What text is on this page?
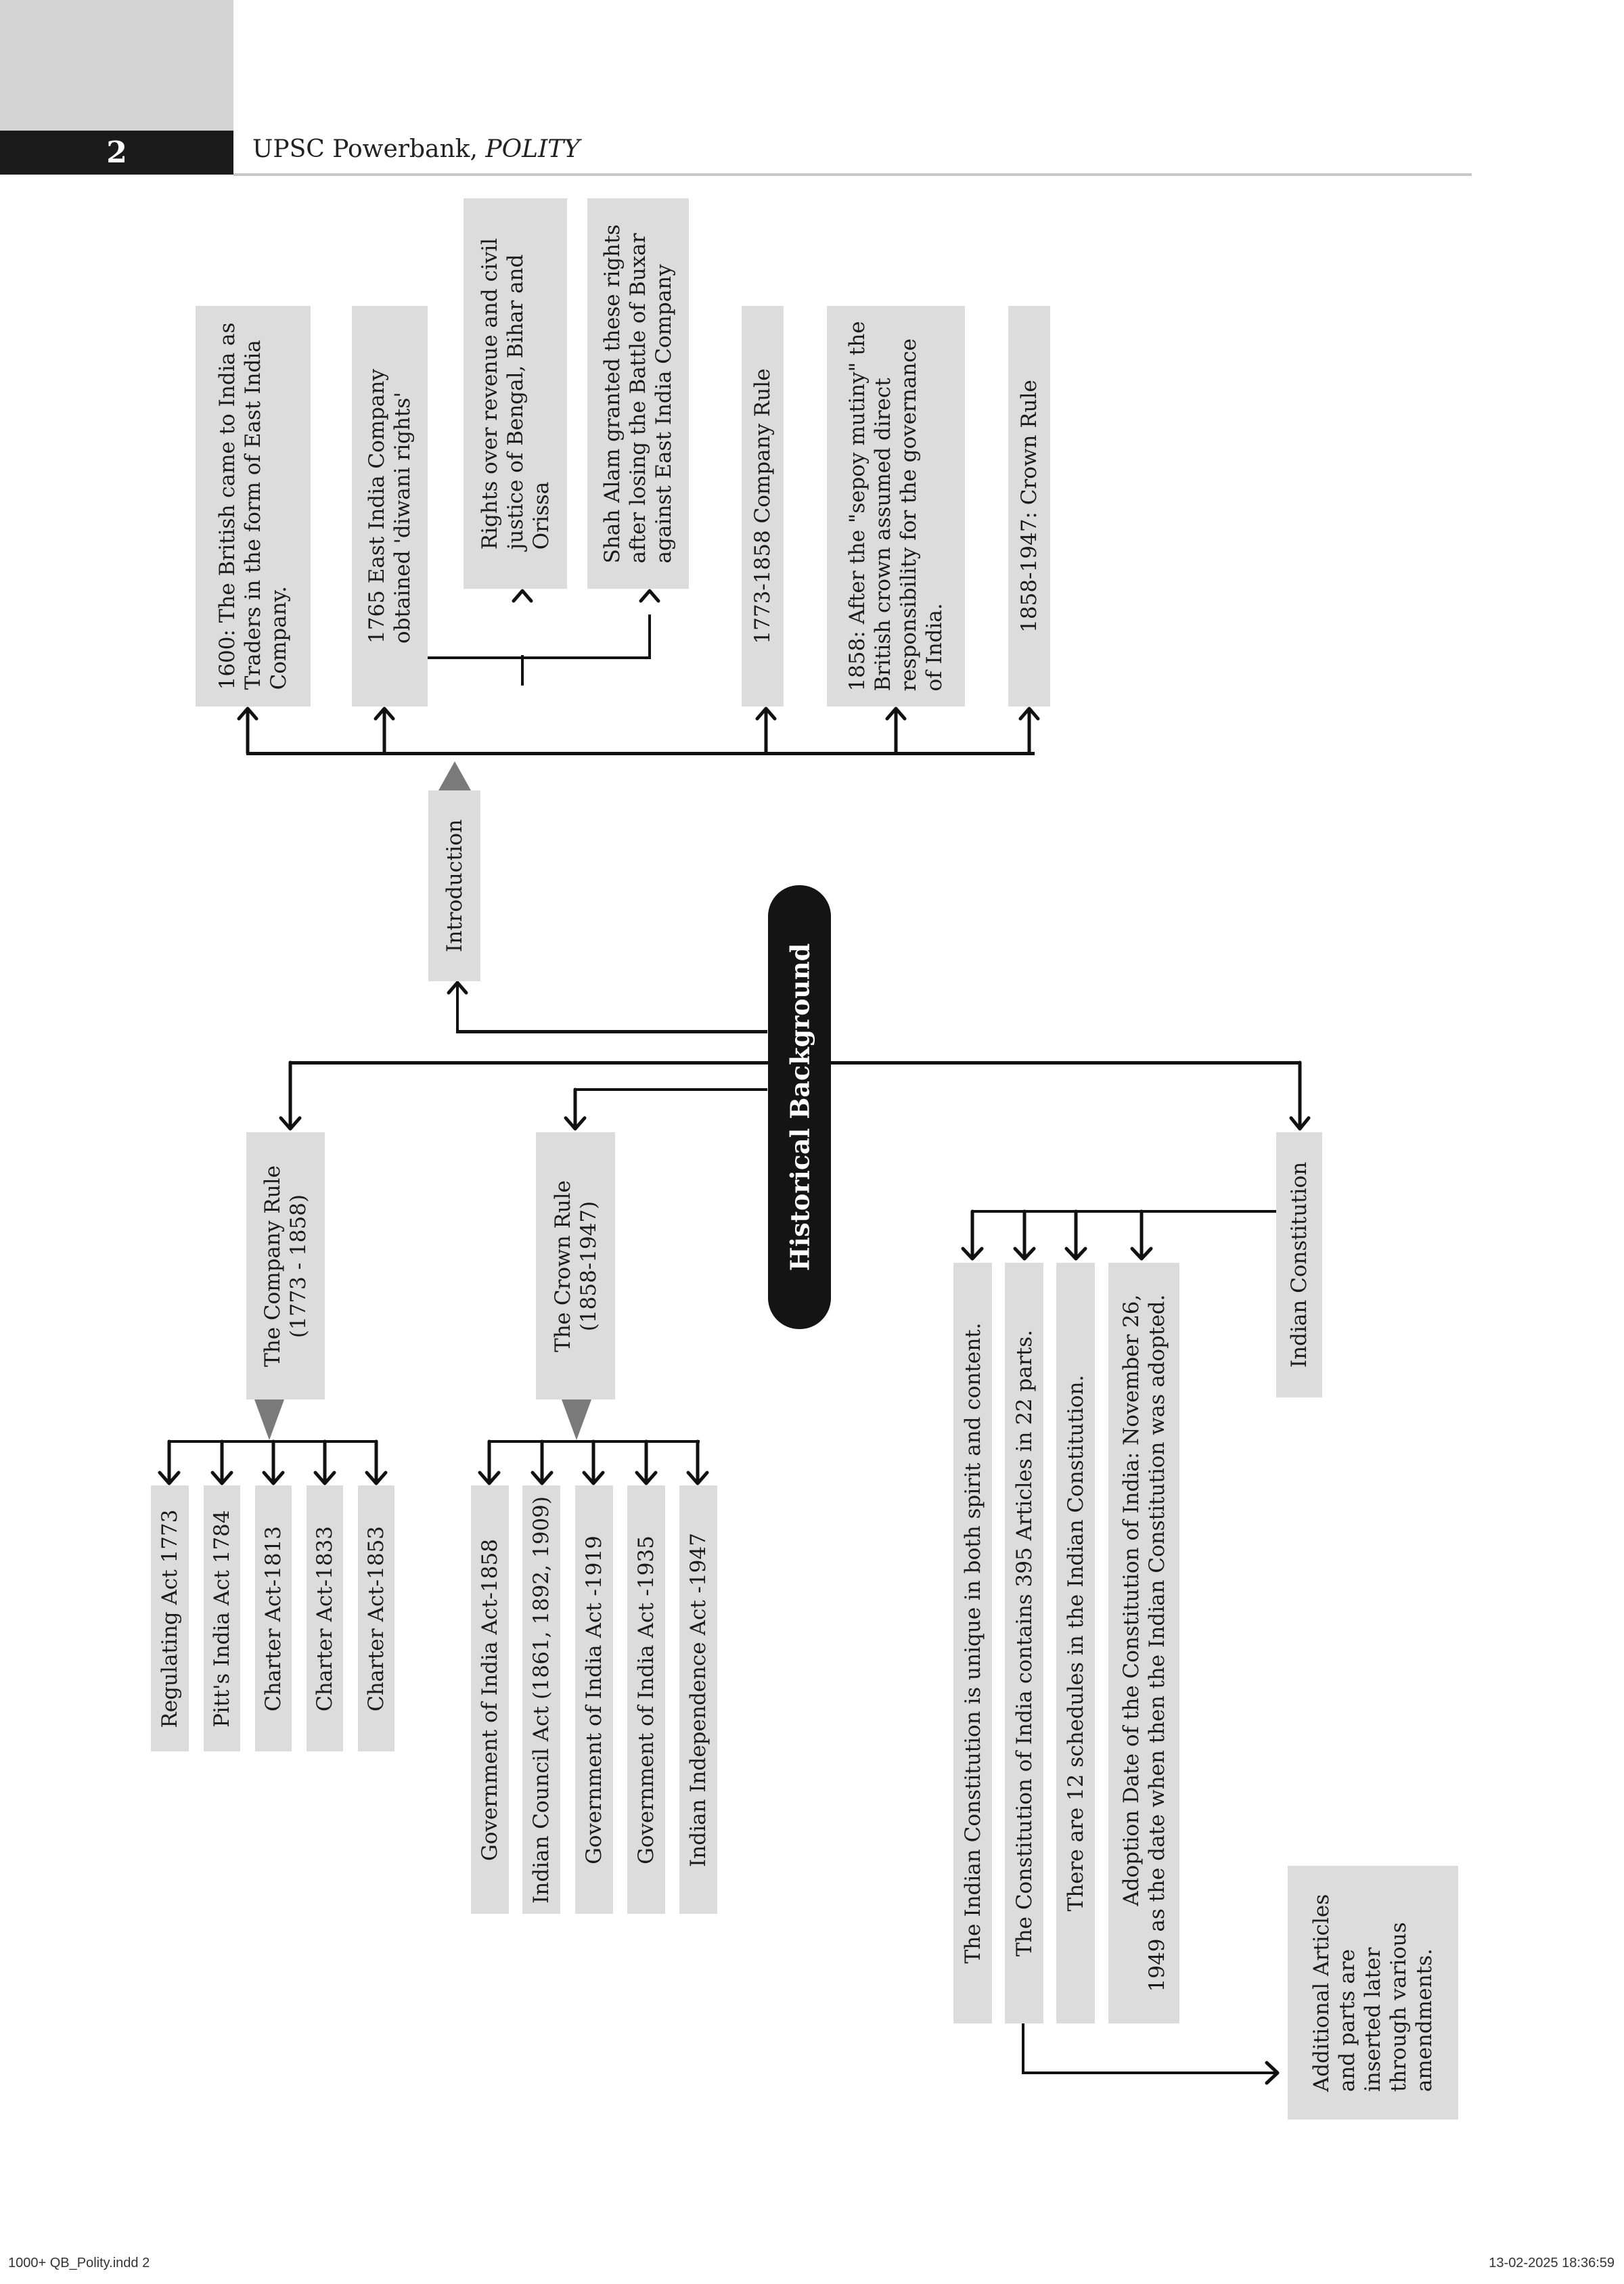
2	UPSC Powerbank, POLITY
Historical Background
Introduction
1600: The British came to India as Traders in the form of East India Company.	1765 East India Company obtained 'diwani rights'	Rights over revenue and civil justice of Bengal, Bihar and Orissa Shah Alam granted these rights after losing the Battle of Buxar against East India Company	1773-1858 Company Rule	1858: After the "sepoy mutiny" the British crown assumed direct responsibility for the governance of India.
1858-1947: Crown Rule
The Company Rule (1773 - 1858)
Regulating Act 1773 Pitt's India Act 1784 Charter Act-1813 Charter Act-1833 Charter Act-1853
The Crown Rule (1858-1947)
Government of India Act-1858 Indian Council Act (1861, 1892, 1909) Government of India Act -1919 Government of India Act -1935 Indian Independence Act -1947
Indian Constitution
The Indian Constitution is unique in both spirit and content. The Constitution of India contains 395 Articles in 22 parts. There are 12 schedules in the Indian Constitution. Adoption Date of the Constitution of India: November 26, 1949 as the date when then the Indian Constitution was adopted.
Additional Articles and parts are inserted later through various amendments.
1000+ QB_Polity.indd 2	13-02-2025 18:36:59
